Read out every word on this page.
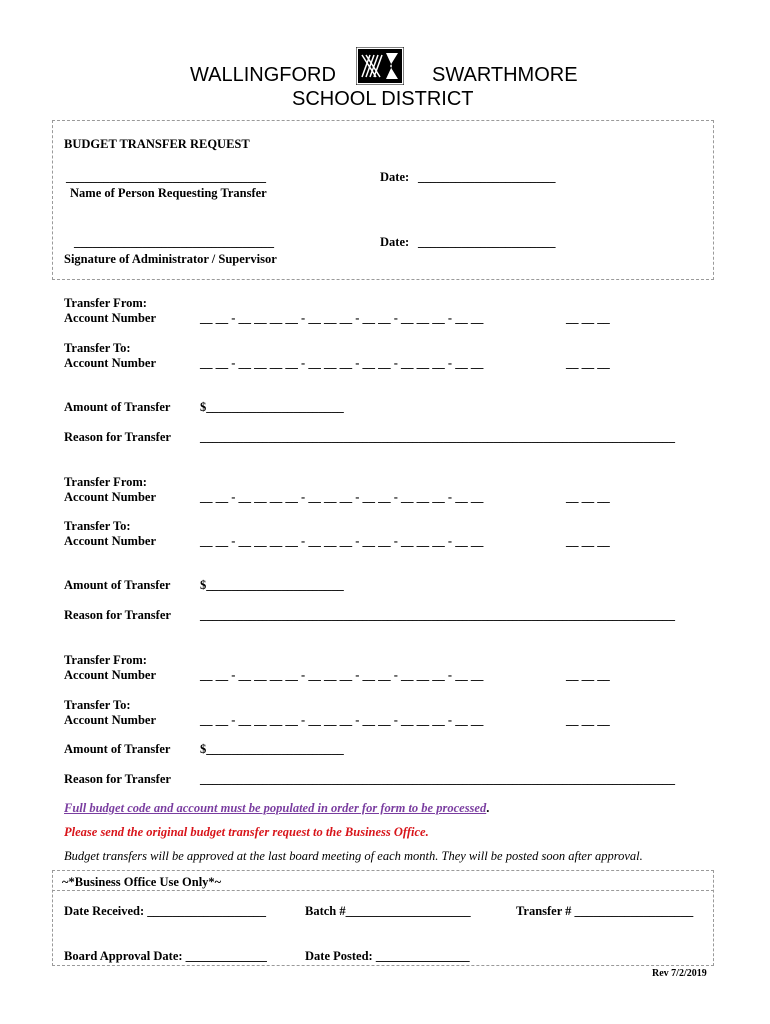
WALLINGFORD	SWARTHMORE
SCHOOL DISTRICT
BUDGET TRANSFER REQUEST
________________________________
Name of Person Requesting Transfer
Date: ______________________
________________________________
Signature of Administrator / Supervisor
Date: ______________________
Transfer From:
Account Number	__ __ - __ __ __ __ - __ __ __ - __ __ - __ __ __ - __ __	__ __ __
Transfer To:
Account Number	__ __ - __ __ __ __ - __ __ __ - __ __ - __ __ __ - __ __	__ __ __
Amount of Transfer $______________________
Reason for Transfer ____________________________________________________________________________
Transfer From:
Account Number	__ __ - __ __ __ __ - __ __ __ - __ __ - __ __ __ - __ __	__ __ __
Transfer To:
Account Number	__ __ - __ __ __ __ - __ __ __ - __ __ - __ __ __ - __ __	__ __ __
Amount of Transfer $______________________
Reason for Transfer ____________________________________________________________________________
Transfer From:
Account Number	__ __ - __ __ __ __ - __ __ __ - __ __ - __ __ __ - __ __	__ __ __
Transfer To:
Account Number	__ __ - __ __ __ __ - __ __ __ - __ __ - __ __ __ - __ __	__ __ __
Amount of Transfer $______________________
Reason for Transfer ____________________________________________________________________________
Full budget code and account must be populated in order for form to be processed.
Please send the original budget transfer request to the Business Office.
Budget transfers will be approved at the last board meeting of each month. They will be posted soon after approval.
~*Business Office Use Only*~
Date Received: ___________________	Batch #____________________	Transfer # ___________________
Board Approval Date: _____________	Date Posted: _______________
Rev 7/2/2019
